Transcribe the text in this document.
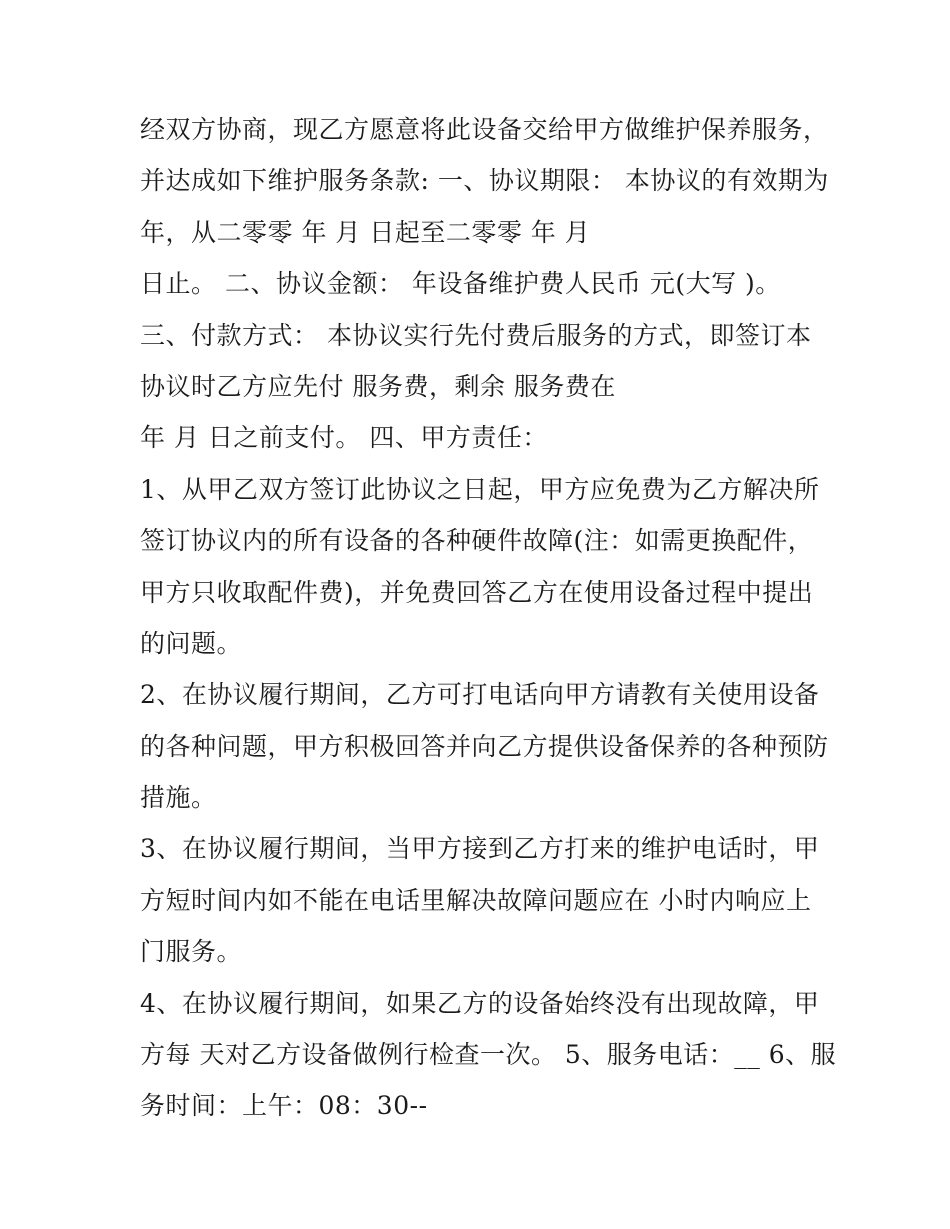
经双方协商，现乙方愿意将此设备交给甲方做维护保养服务，
并达成如下维护服务条款: 一、协议期限： 本协议的有效期为
年，从二零零 年 月 日起至二零零 年 月
日止。 二、协议金额： 年设备维护费人民币 元(大写 )。
三、付款方式： 本协议实行先付费后服务的方式，即签订本
协议时乙方应先付 服务费，剩余 服务费在
年 月 日之前支付。 四、甲方责任：
1、从甲乙双方签订此协议之日起，甲方应免费为乙方解决所
签订协议内的所有设备的各种硬件故障(注：如需更换配件，
甲方只收取配件费)，并免费回答乙方在使用设备过程中提出
的问题。
2、在协议履行期间，乙方可打电话向甲方请教有关使用设备
的各种问题，甲方积极回答并向乙方提供设备保养的各种预防
措施。
3、在协议履行期间，当甲方接到乙方打来的维护电话时，甲
方短时间内如不能在电话里解决故障问题应在 小时内响应上
门服务。
4、在协议履行期间，如果乙方的设备始终没有出现故障，甲
方每 天对乙方设备做例行检查一次。 5、服务电话：__ 6、服
务时间：上午：08：30--
